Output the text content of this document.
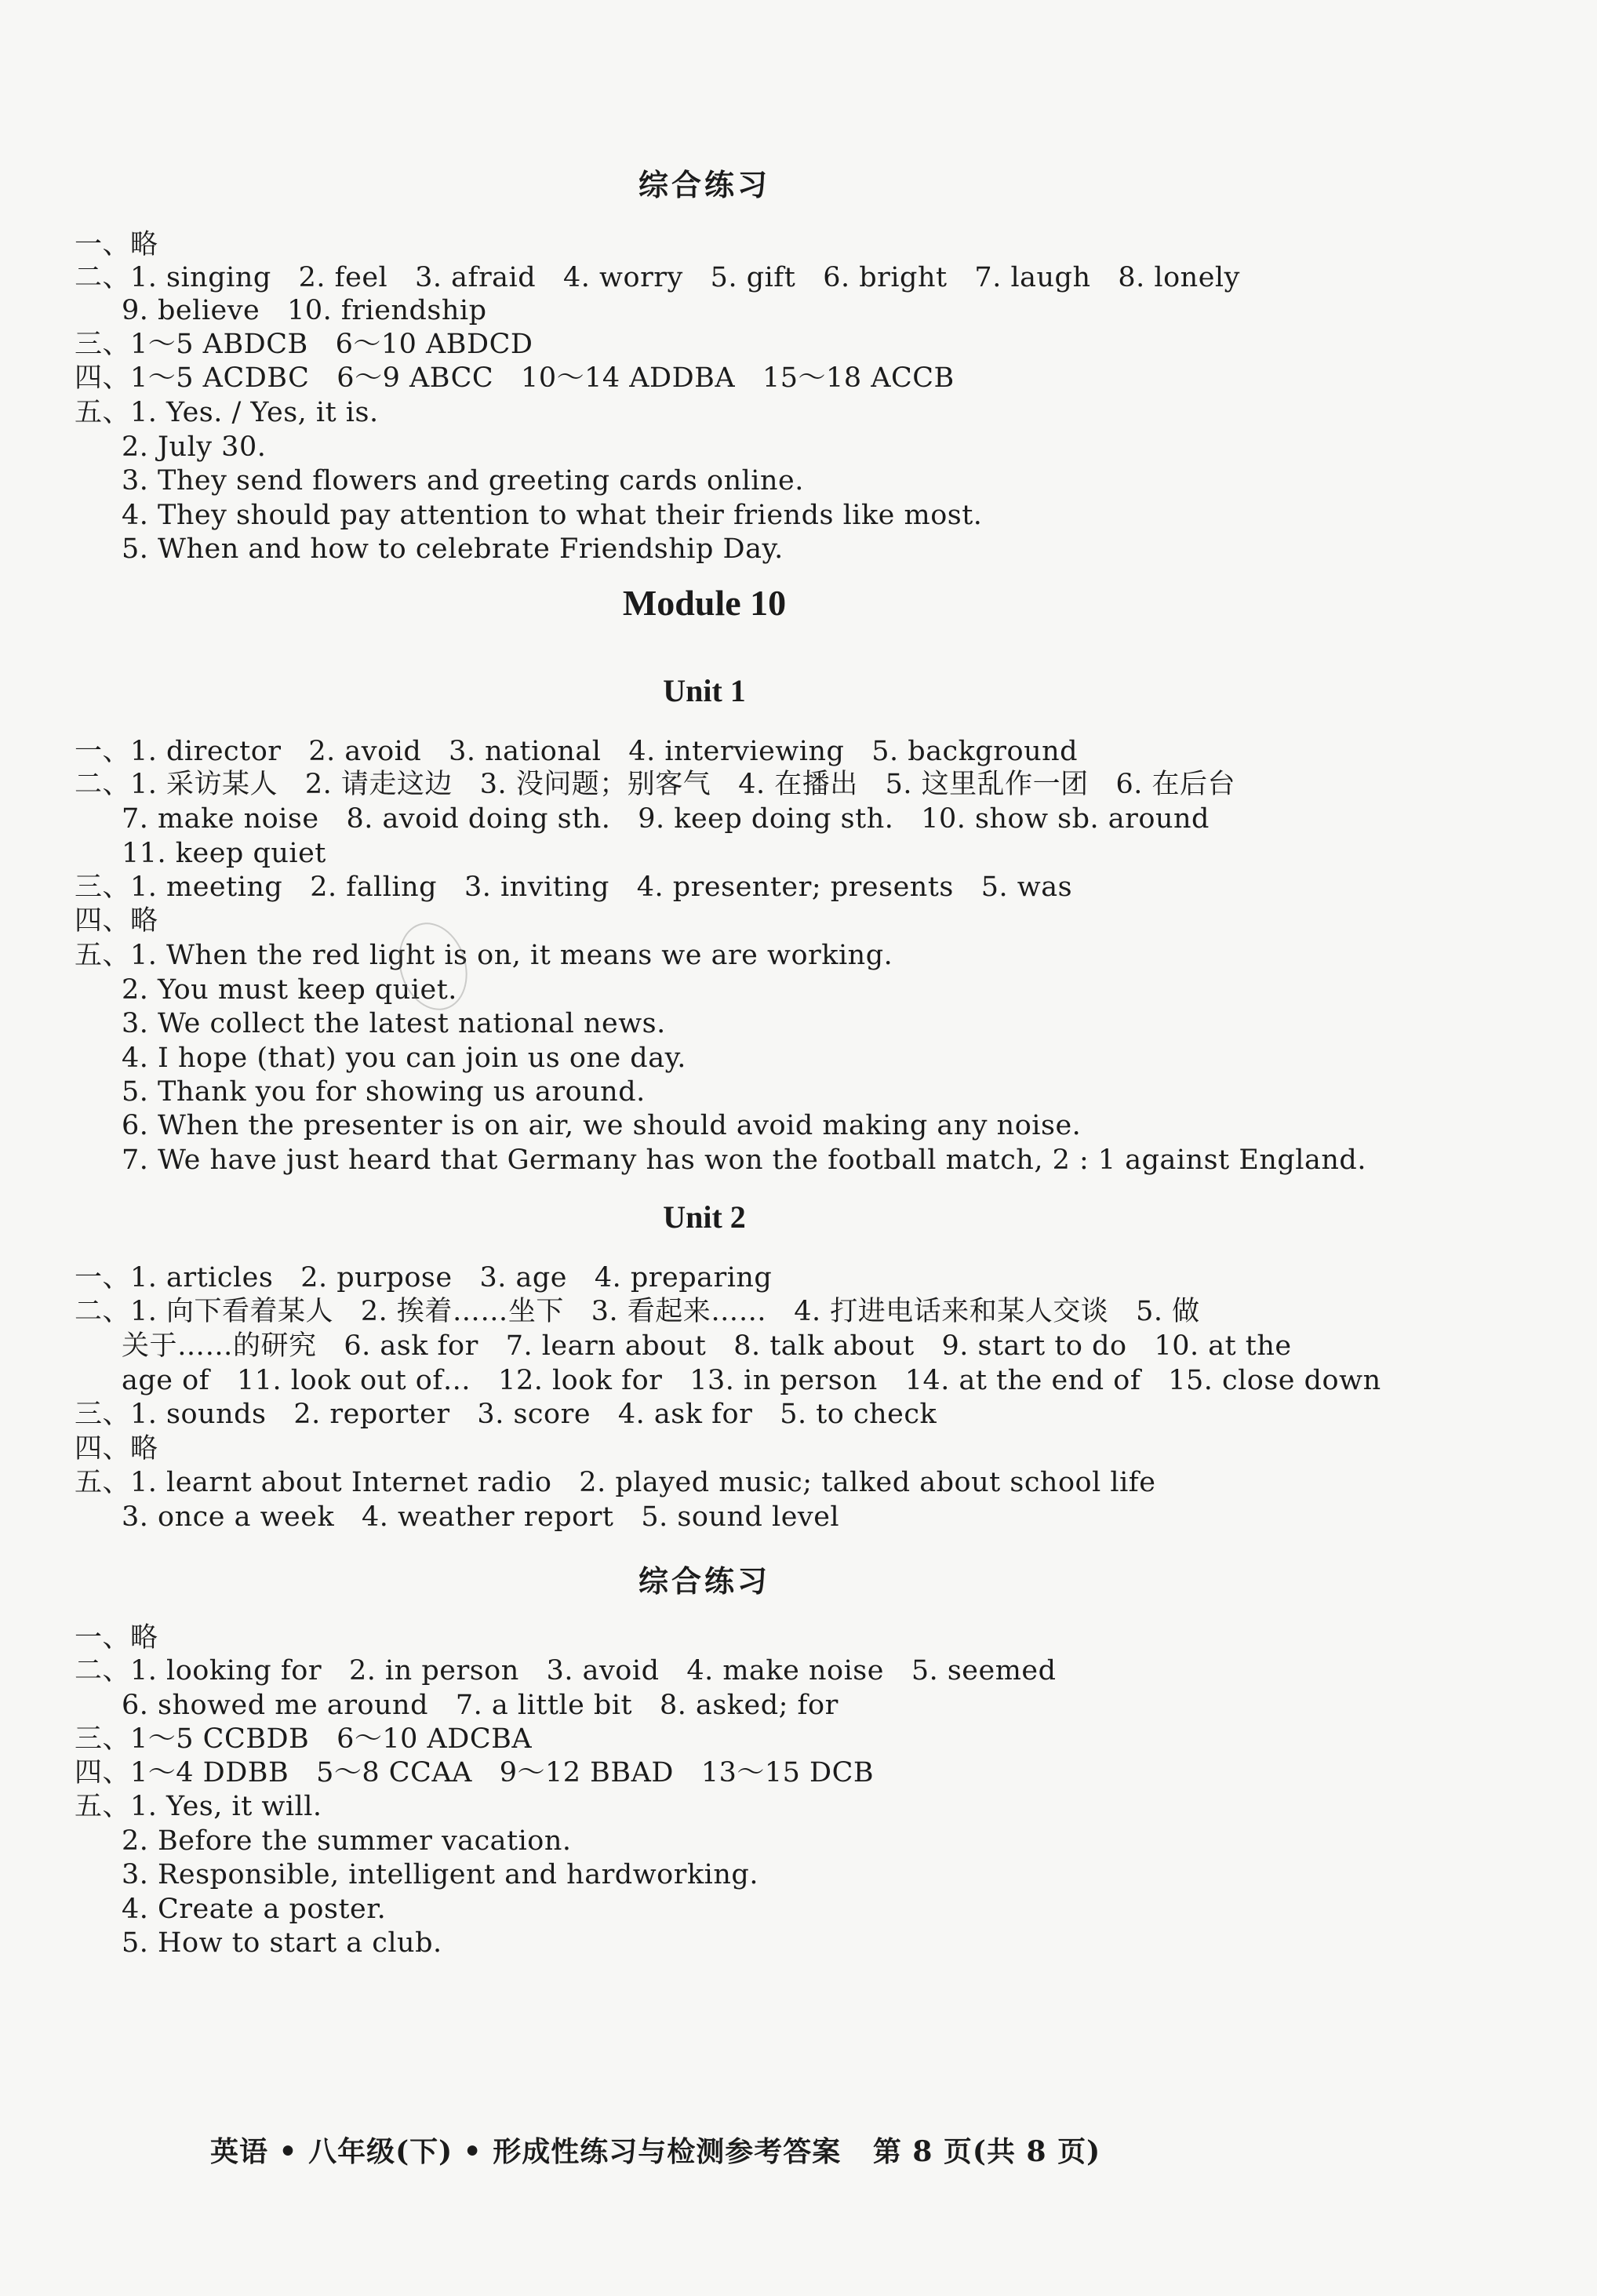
综合练习
一、略
二、1. singing   2. feel   3. afraid   4. worry   5. gift   6. bright   7. laugh   8. lonely
9. believe   10. friendship
三、1～5 ABDCB   6～10 ABDCD
四、1～5 ACDBC   6～9 ABCC   10～14 ADDBA   15～18 ACCB
五、1. Yes. / Yes, it is.
2. July 30.
3. They send flowers and greeting cards online.
4. They should pay attention to what their friends like most.
5. When and how to celebrate Friendship Day.
Module 10
Unit 1
一、1. director   2. avoid   3. national   4. interviewing   5. background
二、1. 采访某人   2. 请走这边   3. 没问题；别客气   4. 在播出   5. 这里乱作一团   6. 在后台
7. make noise   8. avoid doing sth.   9. keep doing sth.   10. show sb. around
11. keep quiet
三、1. meeting   2. falling   3. inviting   4. presenter; presents   5. was
四、略
五、1. When the red light is on, it means we are working.
2. You must keep quiet.
3. We collect the latest national news.
4. I hope (that) you can join us one day.
5. Thank you for showing us around.
6. When the presenter is on air, we should avoid making any noise.
7. We have just heard that Germany has won the football match, 2 : 1 against England.
Unit 2
一、1. articles   2. purpose   3. age   4. preparing
二、1. 向下看着某人   2. 挨着……坐下   3. 看起来……   4. 打进电话来和某人交谈   5. 做
关于……的研究   6. ask for   7. learn about   8. talk about   9. start to do   10. at the
age of   11. look out of…   12. look for   13. in person   14. at the end of   15. close down
三、1. sounds   2. reporter   3. score   4. ask for   5. to check
四、略
五、1. learnt about Internet radio   2. played music; talked about school life
3. once a week   4. weather report   5. sound level
综合练习
一、略
二、1. looking for   2. in person   3. avoid   4. make noise   5. seemed
6. showed me around   7. a little bit   8. asked; for
三、1～5 CCBDB   6～10 ADCBA
四、1～4 DDBB   5～8 CCAA   9～12 BBAD   13～15 DCB
五、1. Yes, it will.
2. Before the summer vacation.
3. Responsible, intelligent and hardworking.
4. Create a poster.
5. How to start a club.
英语 • 八年级(下) • 形成性练习与检测参考答案   第 8 页(共 8 页)
